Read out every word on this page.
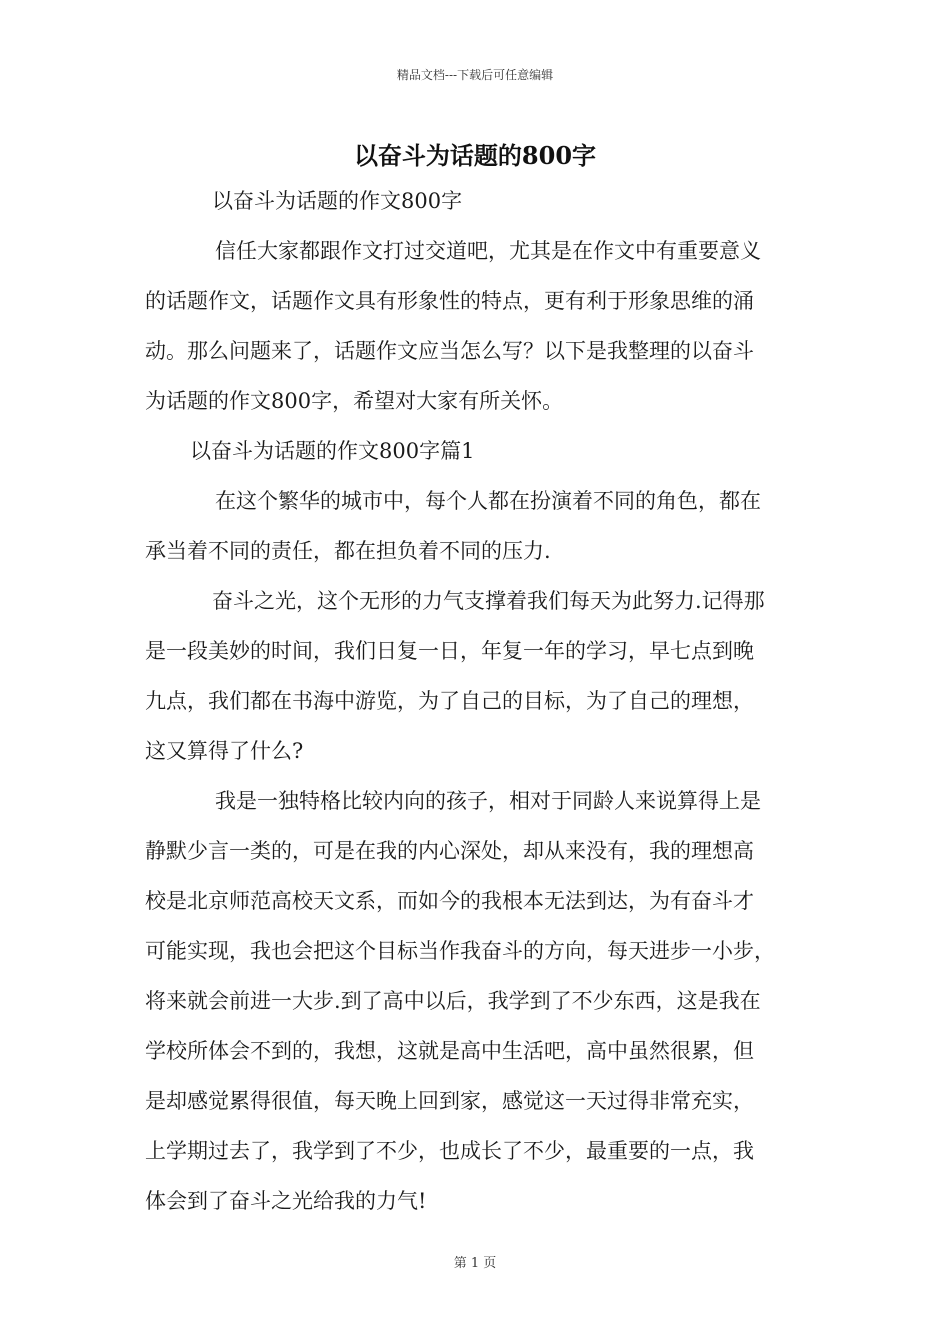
精品文档---下载后可任意编辑
以奋斗为话题的800字
以奋斗为话题的作文800字
信任大家都跟作文打过交道吧，尤其是在作文中有重要意义
的话题作文，话题作文具有形象性的特点，更有利于形象思维的涌
动。那么问题来了，话题作文应当怎么写？以下是我整理的以奋斗
为话题的作文800字，希望对大家有所关怀。
以奋斗为话题的作文800字篇1
在这个繁华的城市中，每个人都在扮演着不同的角色，都在
承当着不同的责任，都在担负着不同的压力.
奋斗之光，这个无形的力气支撑着我们每天为此努力.记得那
是一段美妙的时间，我们日复一日，年复一年的学习，早七点到晚
九点，我们都在书海中游览，为了自己的目标，为了自己的理想，
这又算得了什么?
我是一独特格比较内向的孩子，相对于同龄人来说算得上是
静默少言一类的，可是在我的内心深处，却从来没有，我的理想高
校是北京师范高校天文系，而如今的我根本无法到达，为有奋斗才
可能实现，我也会把这个目标当作我奋斗的方向，每天进步一小步，
将来就会前进一大步.到了高中以后，我学到了不少东西，这是我在
学校所体会不到的，我想，这就是高中生活吧，高中虽然很累，但
是却感觉累得很值，每天晚上回到家，感觉这一天过得非常充实，
上学期过去了，我学到了不少，也成长了不少，最重要的一点，我
体会到了奋斗之光给我的力气!
第 1 页
